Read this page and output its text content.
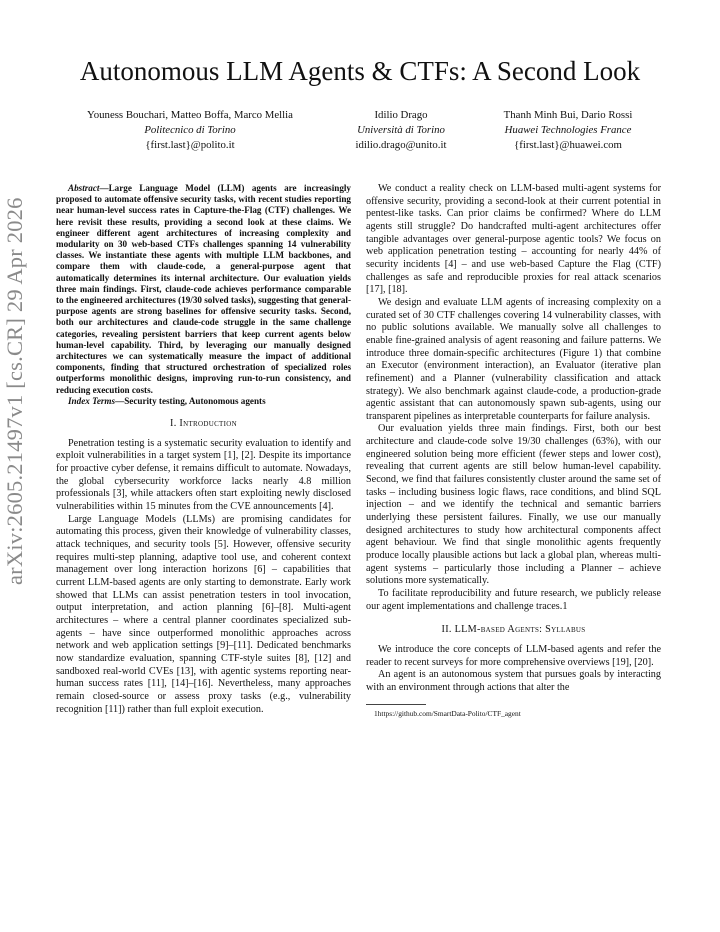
arXiv:2605.21497v1 [cs.CR] 29 Apr 2026
Autonomous LLM Agents & CTFs: A Second Look
Youness Bouchari, Matteo Boffa, Marco Mellia
Politecnico di Torino
{first.last}@polito.it
Idilio Drago
Università di Torino
idilio.drago@unito.it
Thanh Minh Bui, Dario Rossi
Huawei Technologies France
{first.last}@huawei.com

Abstract—Large Language Model (LLM) agents are increasingly proposed to automate offensive security tasks, with recent studies reporting near human-level success rates in Capture-the-Flag (CTF) challenges. We here revisit these results, providing a second look at these claims. We engineer different agent architectures of increasing complexity and modularity on 30 web-based CTFs challenges spanning 14 vulnerability classes. We instantiate these agents with multiple LLM backbones, and compare them with claude-code, a general-purpose agent that automatically determines its internal architecture. Our evaluation yields three main findings. First, claude-code achieves performance comparable to the engineered architectures (19/30 solved tasks), suggesting that general-purpose agents are strong baselines for offensive security tasks. Second, both our architectures and claude-code struggle in the same challenge categories, revealing persistent barriers that keep current agents below human-level capability. Third, by leveraging our manually designed architectures we can systematically measure the impact of additional components, finding that structured orchestration of specialized roles outperforms monolithic designs, improving run-to-run consistency, and reducing execution costs.

Index Terms—Security testing, Autonomous agents

I. Introduction

Penetration testing is a systematic security evaluation to identify and exploit vulnerabilities in a target system [1], [2]. Despite its importance for proactive cyber defense, it remains difficult to automate. Nowadays, the global cybersecurity workforce lacks nearly 4.8 million professionals [3], while attackers often start exploiting newly disclosed vulnerabilities within 15 minutes from the CVE announcements [4].

Large Language Models (LLMs) are promising candidates for automating this process, given their knowledge of vulnerability classes, attack techniques, and security tools [5]. However, offensive security requires multi-step planning, adaptive tool use, and coherent context management over long interaction horizons [6] – capabilities that current LLM-based agents are only starting to demonstrate. Early work showed that LLMs can assist penetration testers in tool invocation, output interpretation, and action planning [6]–[8]. Multi-agent architectures – where a central planner coordinates specialized sub-agents – have since outperformed monolithic approaches across network and web application settings [9]–[11]. Dedicated benchmarks now standardize evaluation, spanning CTF-style suites [8], [12] and sandboxed real-world CVEs [13], with agentic systems reporting near-human success rates [11], [14]–[16]. Nevertheless, many approaches remain closed-source or assess proxy tasks (e.g., vulnerability recognition [11]) rather than full exploit execution.

We conduct a reality check on LLM-based multi-agent systems for offensive security, providing a second-look at their current potential in pentest-like tasks. Can prior claims be confirmed? Where do LLM agents still struggle? Do handcrafted multi-agent architectures offer tangible advantages over general-purpose agentic tools? We focus on web application penetration testing – accounting for nearly 44% of security incidents [4] – and use web-based Capture the Flag (CTF) challenges as safe and reproducible proxies for real attack scenarios [17], [18].

We design and evaluate LLM agents of increasing complexity on a curated set of 30 CTF challenges covering 14 vulnerability classes, with no public solutions available. We manually solve all challenges to enable fine-grained analysis of agent reasoning and failure patterns. We introduce three domain-specific architectures (Figure 1) that combine an Executor (environment interaction), an Evaluator (iterative plan refinement) and a Planner (vulnerability classification and attack strategy). We also benchmark against claude-code, a production-grade agentic assistant that can autonomously spawn sub-agents, using our transparent pipelines as interpretable counterparts for failure analysis.

Our evaluation yields three main findings. First, both our best architecture and claude-code solve 19/30 challenges (63%), with our engineered solution being more efficient (fewer steps and lower cost), revealing that current agents are still below human-level capability. Second, we find that failures consistently cluster around the same set of tasks – including business logic flaws, race conditions, and blind SQL injection – and we identify the technical and semantic barriers underlying these persistent failures. Finally, we use our manually designed architectures to study how architectural components affect agent behaviour. We find that single monolithic agents frequently produce locally plausible actions but lack a global plan, whereas multi-agent systems – particularly those including a Planner – achieve solutions more systematically.

To facilitate reproducibility and future research, we publicly release our agent implementations and challenge traces.1

II. LLM-based Agents: Syllabus

We introduce the core concepts of LLM-based agents and refer the reader to recent surveys for more comprehensive overviews [19], [20].

An agent is an autonomous system that pursues goals by interacting with an environment through actions that alter the

1https://github.com/SmartData-Polito/CTF_agent
